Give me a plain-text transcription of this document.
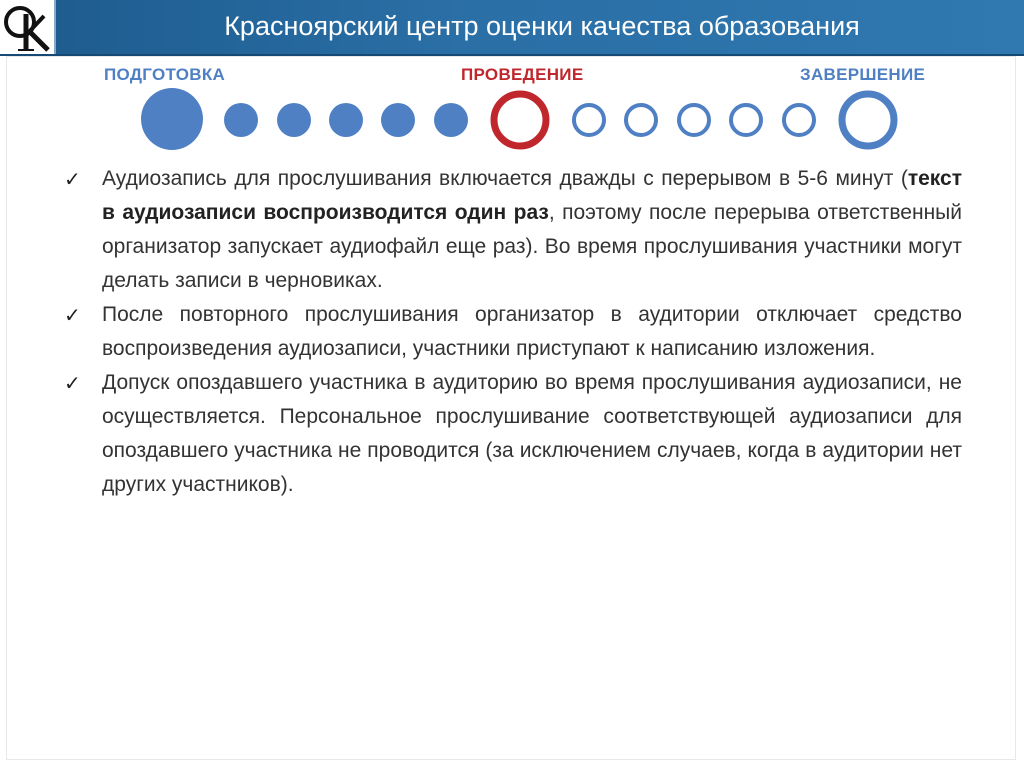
Красноярский центр оценки качества образования
ПОДГОТОВКА	ПРОВЕДЕНИЕ	ЗАВЕРШЕНИЕ
✓ Аудиозапись для прослушивания включается дважды с перерывом в 5-6 минут (текст в аудиозаписи воспроизводится один раз, поэтому после перерыва ответственный организатор запускает аудиофайл еще раз). Во время прослушивания участники могут делать записи в черновиках.
✓ После повторного прослушивания организатор в аудитории отключает средство воспроизведения аудиозаписи, участники приступают к написанию изложения.
✓ Допуск опоздавшего участника в аудиторию во время прослушивания аудиозаписи, не осуществляется. Персональное прослушивание соответствующей аудиозаписи для опоздавшего участника не проводится (за исключением случаев, когда в аудитории нет других участников).
